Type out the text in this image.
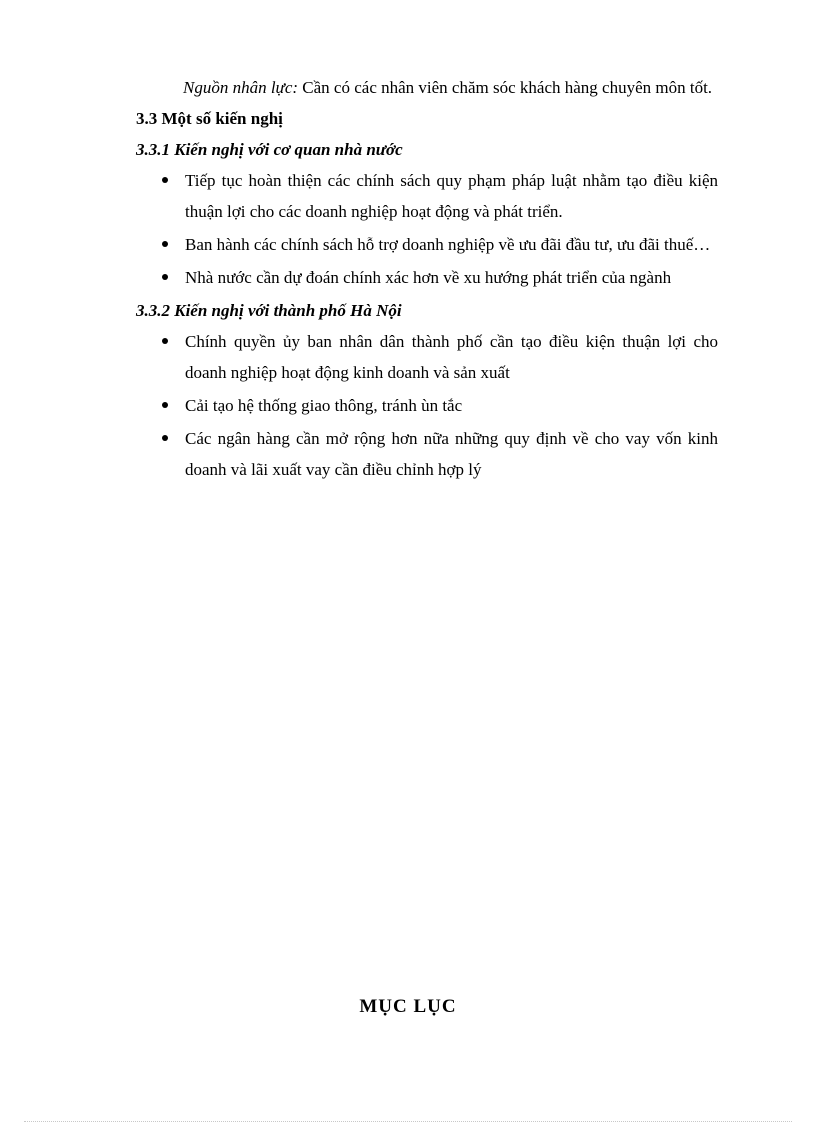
Nguồn nhân lực: Cần có các nhân viên chăm sóc khách hàng chuyên môn tốt.

3.3 Một số kiến nghị

3.3.1 Kiến nghị với cơ quan nhà nước

Tiếp tục hoàn thiện các chính sách quy phạm pháp luật nhằm tạo điều kiện thuận lợi cho các doanh nghiệp hoạt động và phát triển.
Ban hành các chính sách hỗ trợ doanh nghiệp về ưu đãi đầu tư, ưu đãi thuế…
Nhà nước cần dự đoán chính xác hơn về xu hướng phát triển của ngành

3.3.2 Kiến nghị với thành phố Hà Nội

Chính quyền ủy ban nhân dân thành phố cần tạo điều kiện thuận lợi cho doanh nghiệp hoạt động kinh doanh và sản xuất
Cải tạo hệ thống giao thông, tránh ùn tắc
Các ngân hàng cần mở rộng hơn nữa những quy định về cho vay vốn kinh doanh và lãi xuất vay cần điều chỉnh hợp lý
MỤC LỤC
